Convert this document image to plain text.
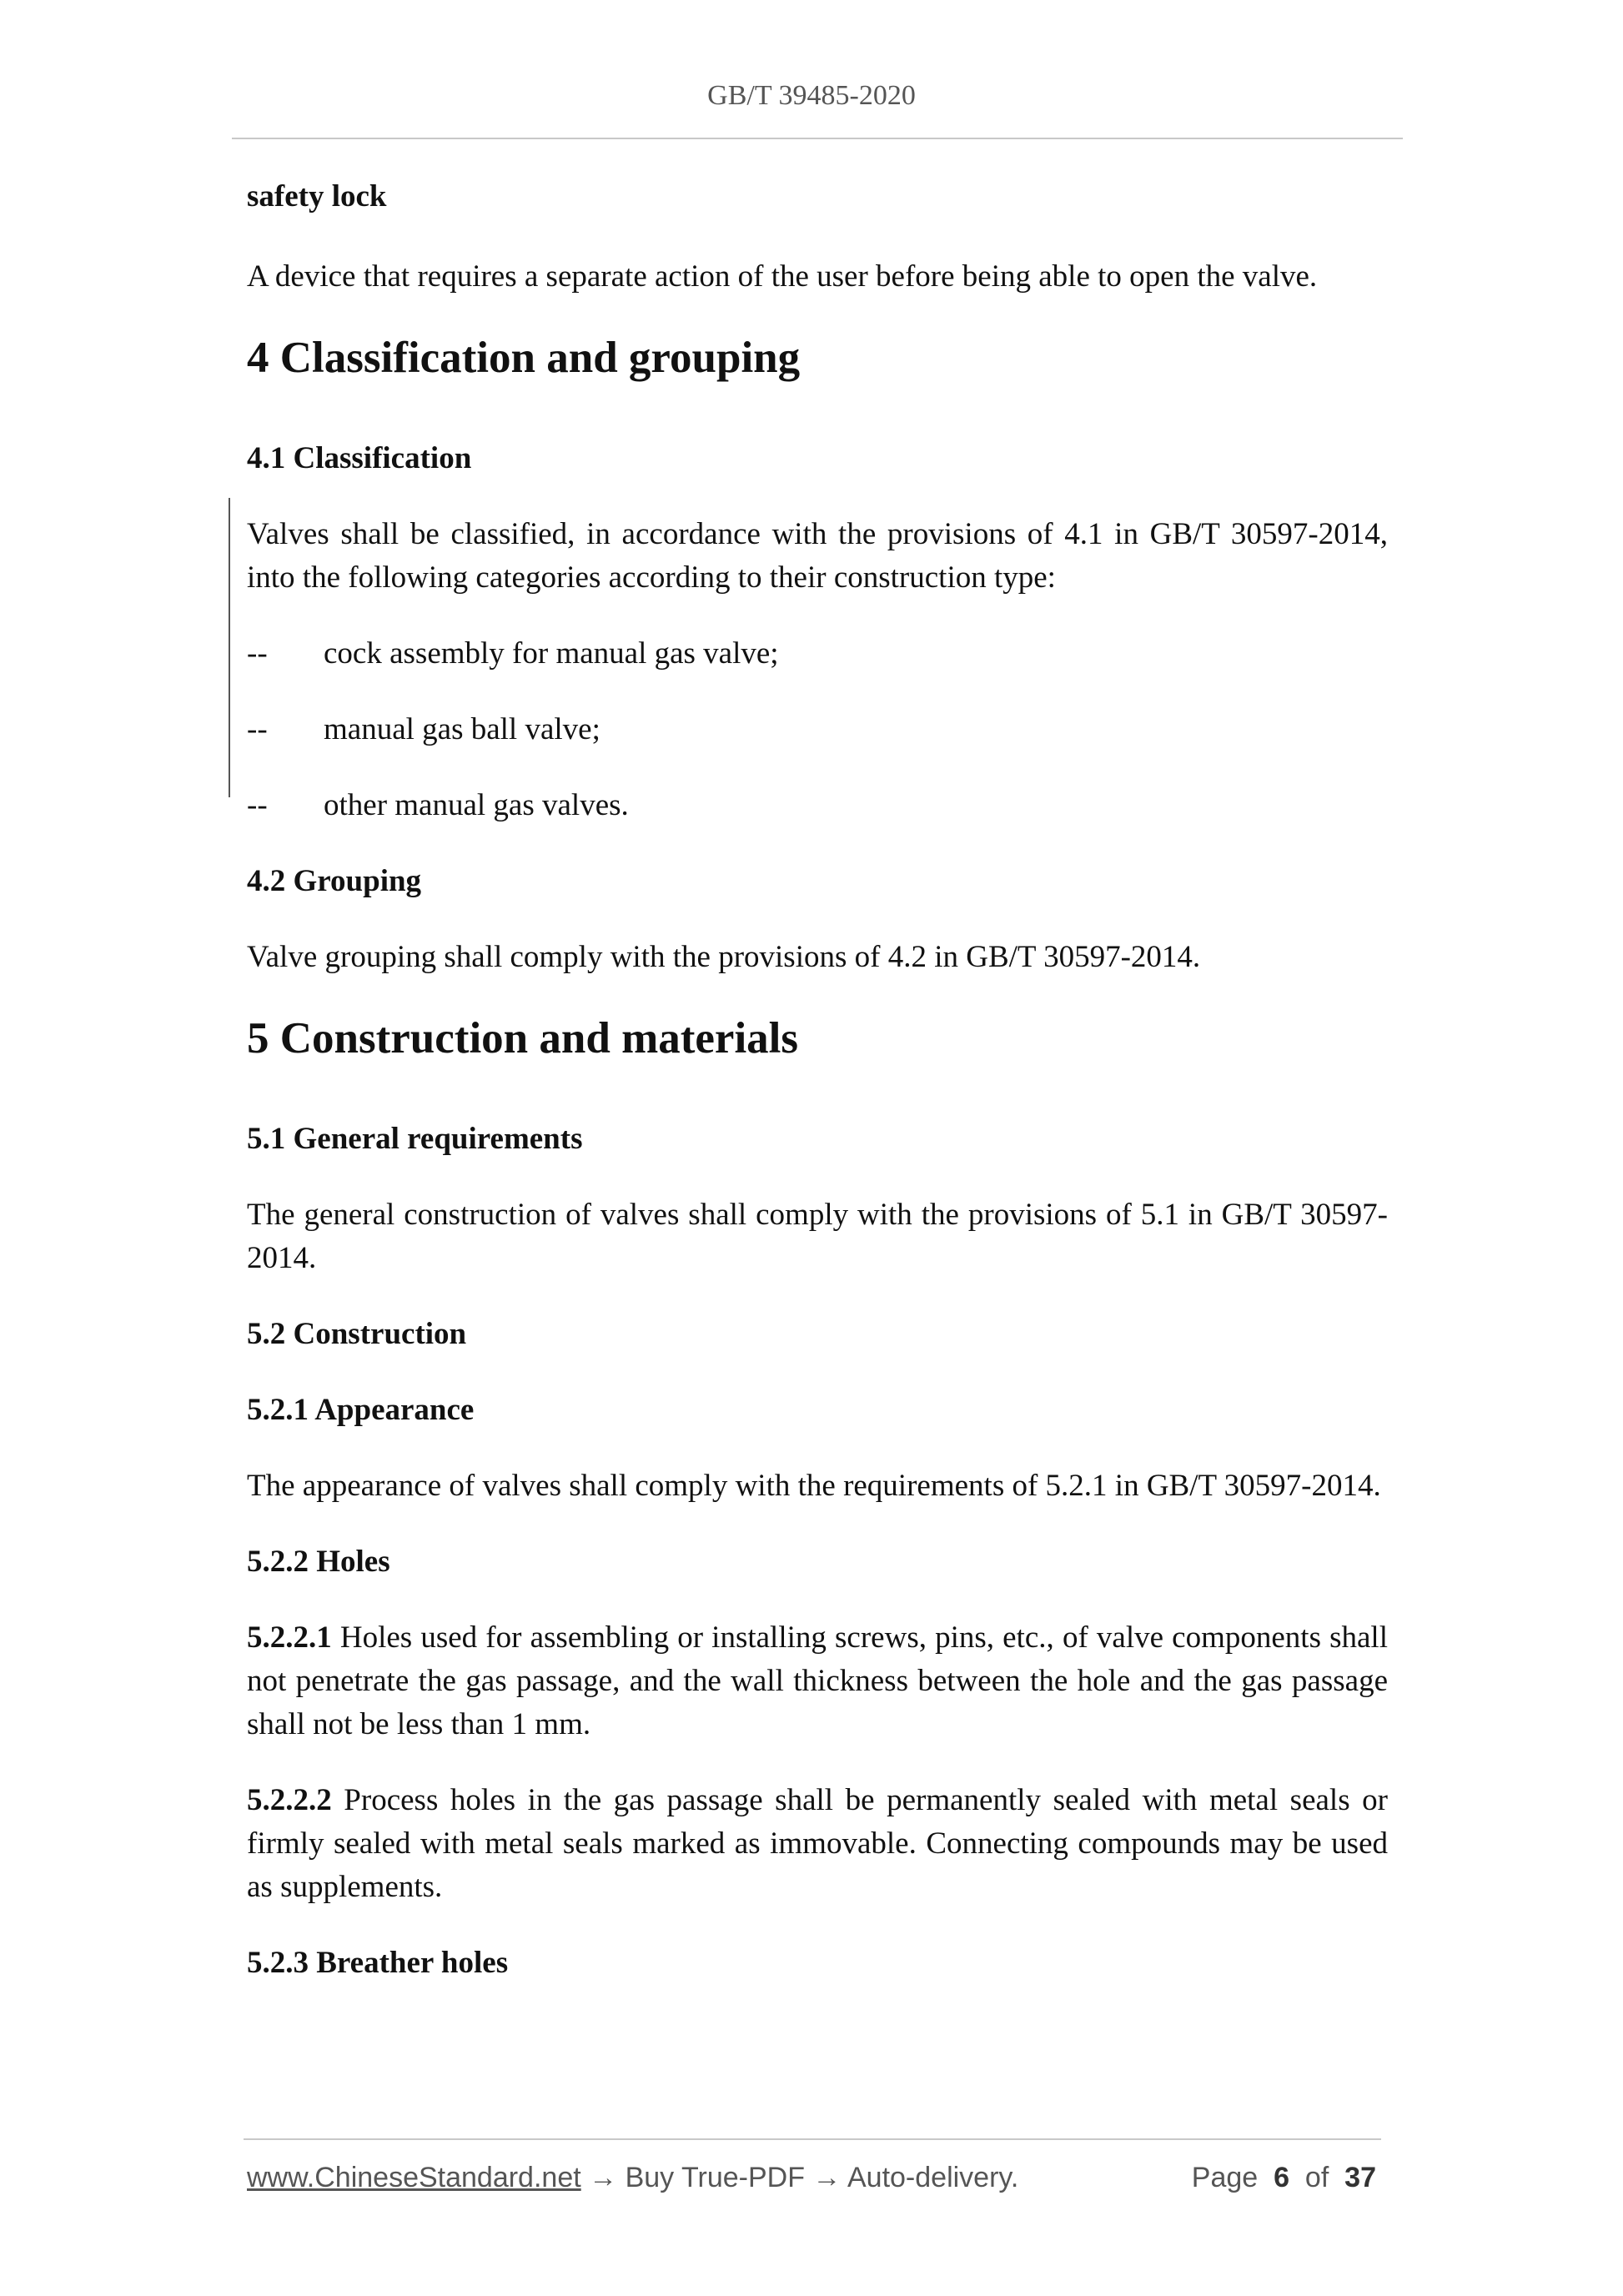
GB/T 39485-2020
safety lock
A device that requires a separate action of the user before being able to open the valve.
4 Classification and grouping
4.1 Classification
Valves shall be classified, in accordance with the provisions of 4.1 in GB/T 30597-2014, into the following categories according to their construction type:
--	cock assembly for manual gas valve;
--	manual gas ball valve;
--	other manual gas valves.
4.2 Grouping
Valve grouping shall comply with the provisions of 4.2 in GB/T 30597-2014.
5 Construction and materials
5.1 General requirements
The general construction of valves shall comply with the provisions of 5.1 in GB/T 30597-2014.
5.2 Construction
5.2.1 Appearance
The appearance of valves shall comply with the requirements of 5.2.1 in GB/T 30597-2014.
5.2.2 Holes
5.2.2.1 Holes used for assembling or installing screws, pins, etc., of valve components shall not penetrate the gas passage, and the wall thickness between the hole and the gas passage shall not be less than 1 mm.
5.2.2.2 Process holes in the gas passage shall be permanently sealed with metal seals or firmly sealed with metal seals marked as immovable. Connecting compounds may be used as supplements.
5.2.3 Breather holes
www.ChineseStandard.net → Buy True-PDF → Auto-delivery.	Page 6 of 37
